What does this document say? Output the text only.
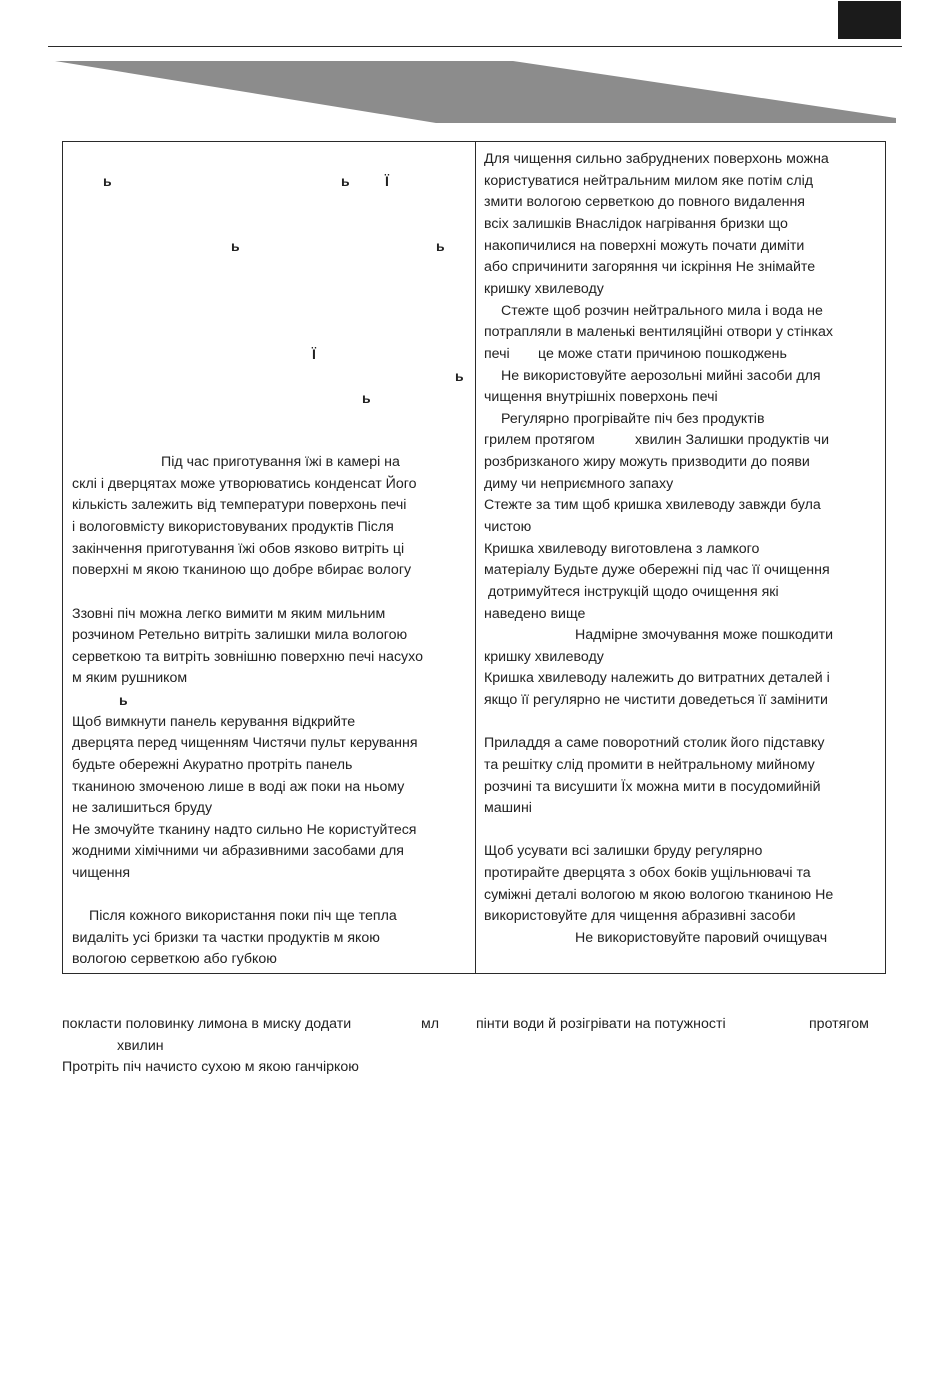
ь	ь	Ї
ь	ь
Ї
ь
ь
Під час приготування їжі в камері на
склі і дверцятах може утворюватись конденсат Його
кількість залежить від температури поверхонь печі
і вологовмісту використовуваних продуктів Після
закінчення приготування їжі обов язково витріть ці
поверхні м якою тканиною що добре вбирає вологу
Ззовні піч можна легко вимити м яким мильним
розчином Ретельно витріть залишки мила вологою
серветкою та витріть зовнішню поверхню печі насухо
м яким рушником
ь
Щоб вимкнути панель керування відкрийте
дверцята перед чищенням Чистячи пульт керування
будьте обережні Акуратно протріть панель
тканиною змоченою лише в воді аж поки на ньому
не залишиться бруду
Не змочуйте тканину надто сильно Не користуйтеся
жодними хімічними чи абразивними засобами для
чищення
Після кожного використання поки піч ще тепла
видаліть усі бризки та частки продуктів м якою
вологою серветкою або губкою
Для чищення сильно забруднених поверхонь можна
користуватися нейтральним милом яке потім слід
змити вологою серветкою до повного видалення
всіх залишків Внаслідок нагрівання бризки що
накопичилися на поверхні можуть почати диміти
або спричинити загоряння чи іскріння Не знімайте
кришку хвилеводу
Стежте щоб розчин нейтрального мила і вода не
потрапляли в маленькі вентиляційні отвори у стінках
печі це може стати причиною пошкоджень
Не використовуйте аерозольні мийні засоби для
чищення внутрішніх поверхонь печі
Регулярно прогрівайте піч без продуктів
грилем протягом	хвилин Залишки продуктів чи
розбризканого жиру можуть призводити до появи
диму чи неприємного запаху
Стежте за тим щоб кришка хвилеводу завжди була
чистою
Кришка хвилеводу виготовлена з ламкого
матеріалу Будьте дуже обережні під час її очищення
дотримуйтеся інструкцій щодо очищення які
наведено вище
Надмірне змочування може пошкодити
кришку хвилеводу
Кришка хвилеводу належить до витратних деталей і
якщо її регулярно не чистити доведеться її замінити
Приладдя а саме поворотний столик його підставку
та решітку слід промити в нейтральному мийному
розчині та висушити Їх можна мити в посудомийній
машині
Щоб усувати всі залишки бруду регулярно
протирайте дверцята з обох боків ущільнювачі та
суміжні деталі вологою м якою вологою тканиною Не
використовуйте для чищення абразивні засоби
Не використовуйте паровий очищувач
покласти половинку лимона в миску додати	мл	пінти води й розігрівати на потужності	протягом
хвилин
Протріть піч начисто сухою м якою ганчіркою
